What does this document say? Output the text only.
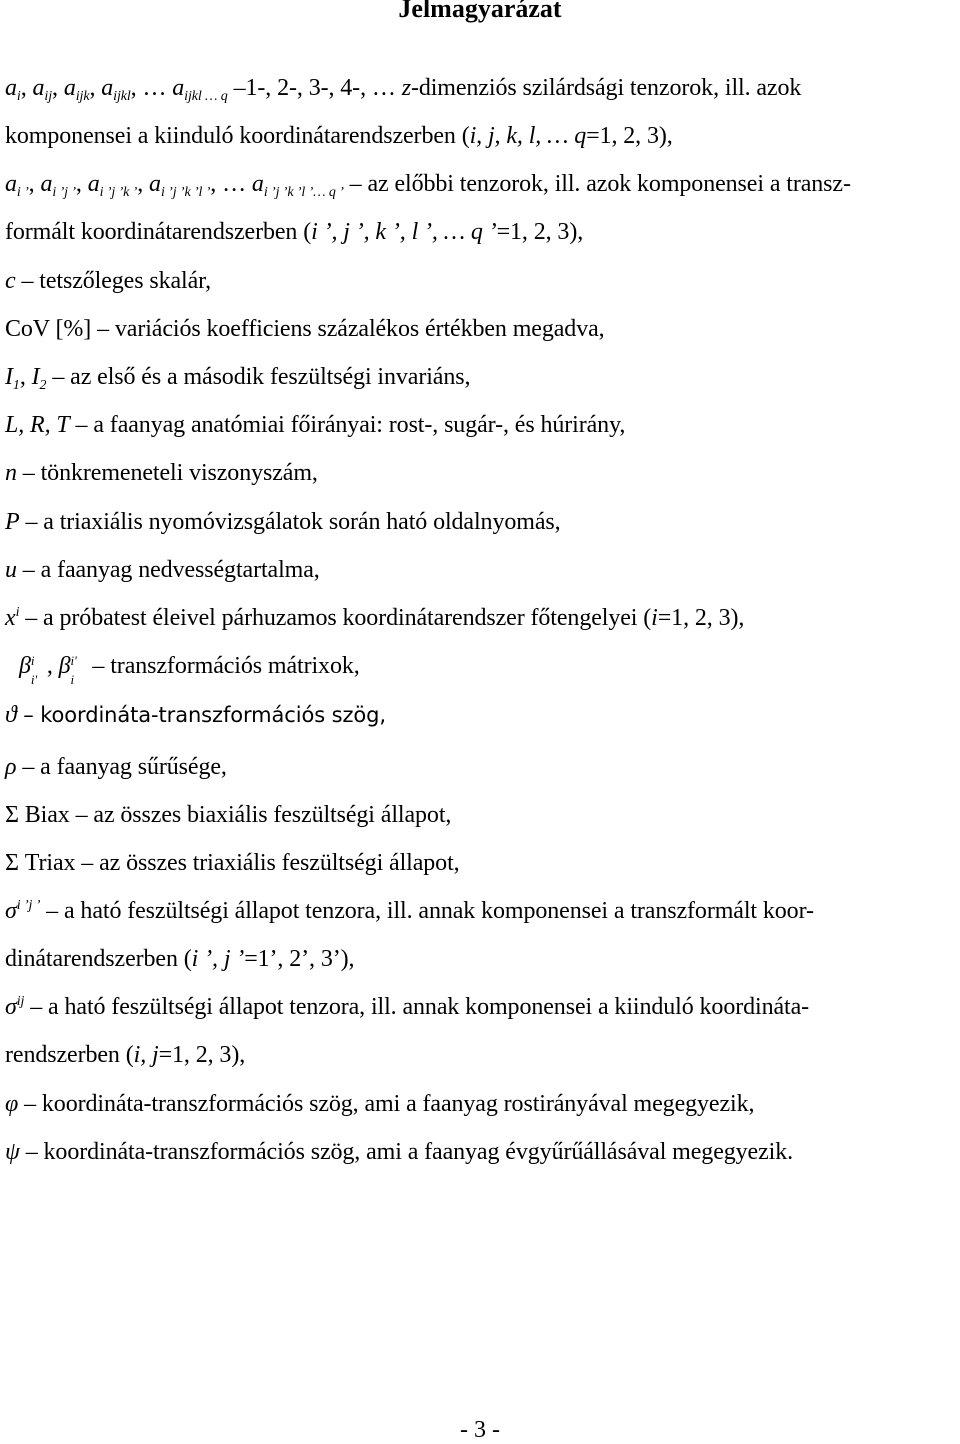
Jelmagyarázat
$a_i$, $a_{ij}$, $a_{ijk}$, $a_{ijkl}$, … $a_{ijkl \dots q}$ –1-, 2-, 3-, 4-, … z-dimenziós szilárdsági tenzorok, ill. azok
komponensei a kiinduló koordinátarendszerben (i, j, k, l, … q=1, 2, 3),
$a_{i ’}$, $a_{i ’j ’}$, $a_{i ’j ’k ’}$, $a_{i ’j ’k ’l ’}$, … $a_{i ’j ’k ’l ’\dots q ’}$ – az előbbi tenzorok, ill. azok komponensei a transz-
formált koordinátarendszerben (i ’, j ’, k ’, l ’, … q ’=1, 2, 3),
c – tetszőleges skalár,
CoV [%] – variációs koefficiens százalékos értékben megadva,
$I_1$, $I_2$ – az első és a második feszültségi invariáns,
L, R, T – a faanyag anatómiai főirányai: rost-, sugár-, és húrirány,
n – tönkremeneteli viszonyszám,
P – a triaxiális nyomóvizsgálatok során ható oldalnyomás,
u – a faanyag nedvességtartalma,
$x^i$ – a próbatest éleivel párhuzamos koordinátarendszer főtengelyei (i=1, 2, 3),
β i
i'
, β i'
i
– transzformációs mátrixok,
ϑ – koordináta-transzformációs szög,
ρ – a faanyag sűrűsége,
Σ Biax – az összes biaxiális feszültségi állapot,
Σ Triax – az összes triaxiális feszültségi állapot,
$\sigma^{i ’j ’}$ – a ható feszültségi állapot tenzora, ill. annak komponensei a transzformált koor-
dinátarendszerben (i ’, j ’=1’, 2’, 3’),
$\sigma^{ij}$ – a ható feszültségi állapot tenzora, ill. annak komponensei a kiinduló koordináta-
rendszerben (i, j=1, 2, 3),
φ – koordináta-transzformációs szög, ami a faanyag rostirányával megegyezik,
ψ – koordináta-transzformációs szög, ami a faanyag évgyűrűállásával megegyezik.
- 3 -
